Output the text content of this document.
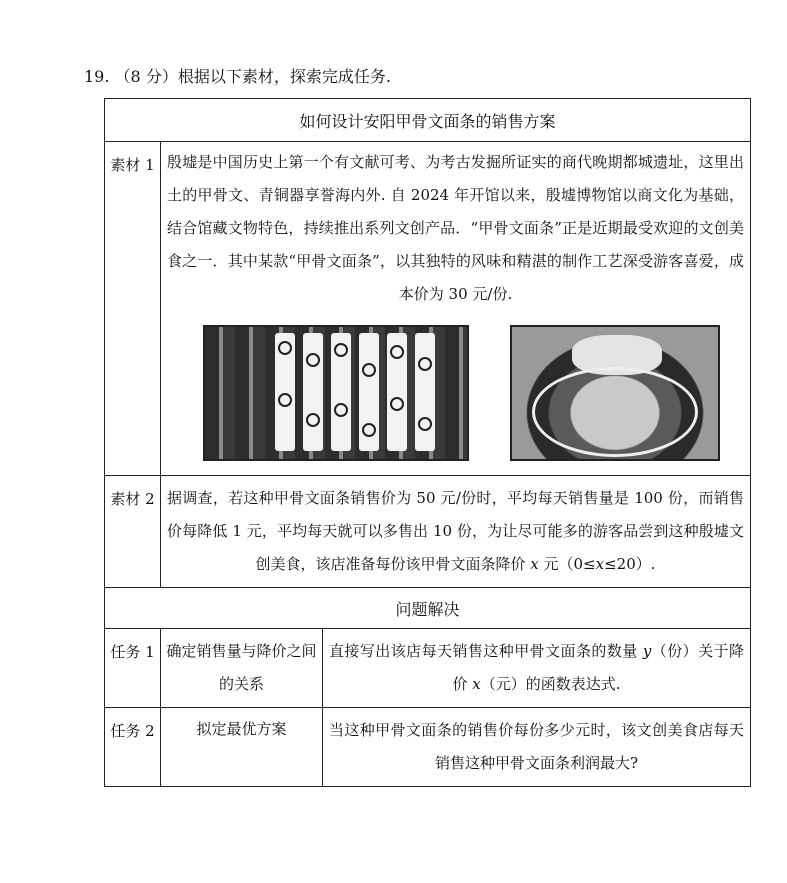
19. （8 分）根据以下素材，探索完成任务.
如何设计安阳甲骨文面条的销售方案		
素材 1	殷墟是中国历史上第一个有文献可考、为考古发掘所证实的商代晚期都城遗址，这里出土的甲骨文、青铜器享誉海内外. 自 2024 年开馆以来，殷墟博物馆以商文化为基础，结合馆藏文物特色，持续推出系列文创产品．“甲骨文面条”正是近期最受欢迎的文创美食之一．其中某款“甲骨文面条”，以其独特的风味和精湛的制作工艺深受游客喜爱，成本价为 30 元/份.	

素材 2	据调查，若这种甲骨文面条销售价为 50 元/份时，平均每天销售量是 100 份，而销售价每降低 1 元，平均每天就可以多售出 10 份，为让尽可能多的游客品尝到这种殷墟文创美食，该店准备每份该甲骨文面条降价 x 元（0≤x≤20）.	

问题解决		
任务 1	确定销售量与降价之间的关系	直接写出该店每天销售这种甲骨文面条的数量 y（份）关于降价 x（元）的函数表达式.

任务 2	拟定最优方案	当这种甲骨文面条的销售价每份多少元时，该文创美食店每天销售这种甲骨文面条利润最大?
